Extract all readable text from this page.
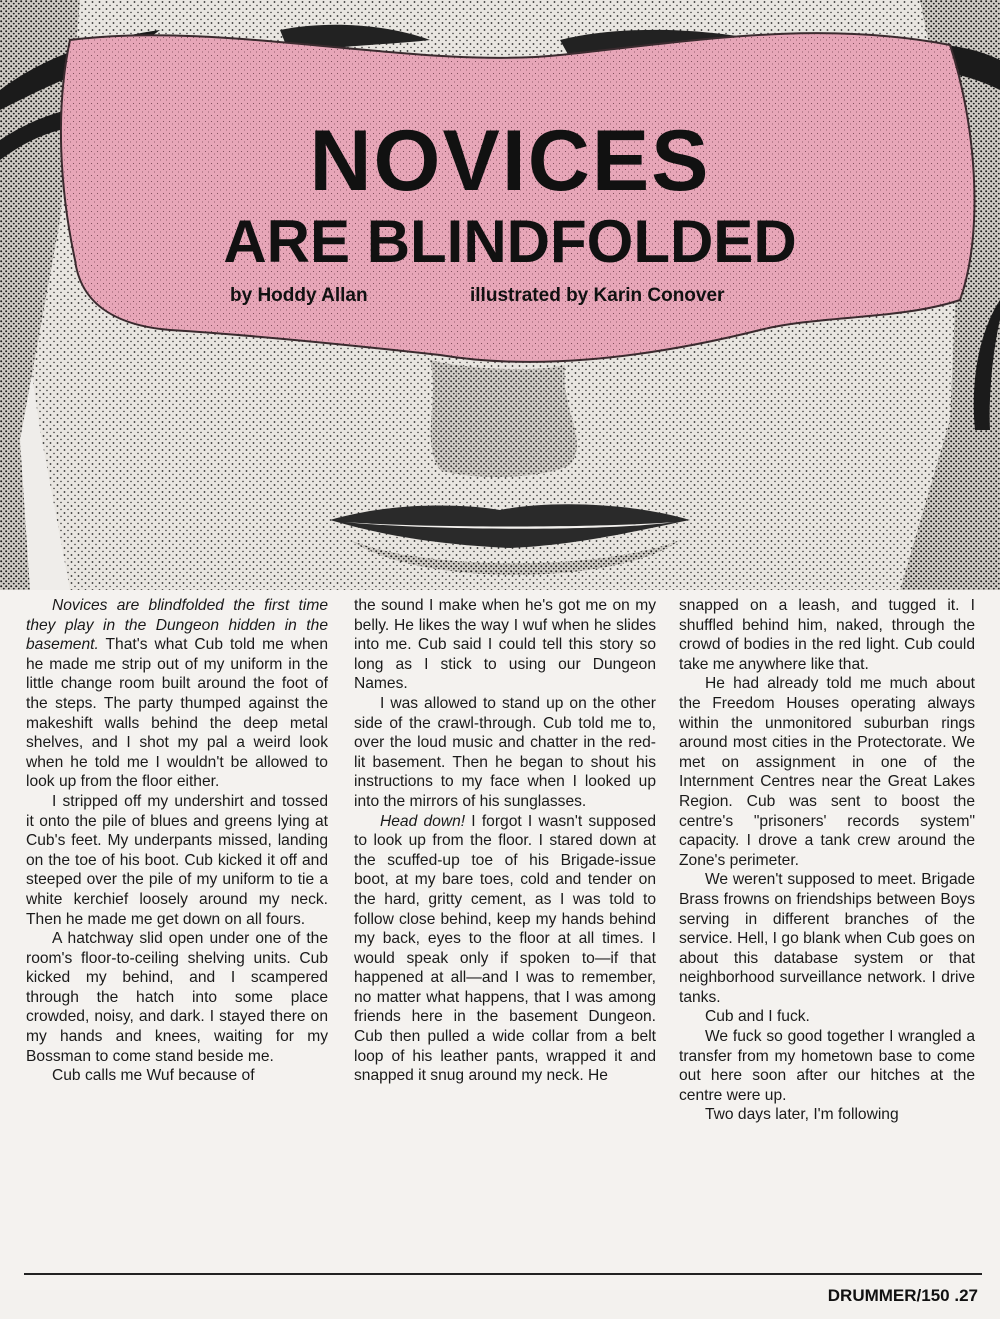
NOVICES
ARE BLINDFOLDED
by Hoddy Allan	illustrated by Karin Conover

Novices are blindfolded the first time they play in the Dungeon hidden in the basement. That's what Cub told me when he made me strip out of my uniform in the little change room built around the foot of the steps. The party thumped against the makeshift walls behind the deep metal shelves, and I shot my pal a weird look when he told me I wouldn't be allowed to look up from the floor either.

I stripped off my undershirt and tossed it onto the pile of blues and greens lying at Cub's feet. My underpants missed, landing on the toe of his boot. Cub kicked it off and steeped over the pile of my uniform to tie a white kerchief loosely around my neck. Then he made me get down on all fours.

A hatchway slid open under one of the room's floor-to-ceiling shelving units. Cub kicked my behind, and I scampered through the hatch into some place crowded, noisy, and dark. I stayed there on my hands and knees, waiting for my Bossman to come stand beside me.

Cub calls me Wuf because of

the sound I make when he's got me on my belly. He likes the way I wuf when he slides into me. Cub said I could tell this story so long as I stick to using our Dungeon Names.

I was allowed to stand up on the other side of the crawl-through. Cub told me to, over the loud music and chatter in the red-lit basement. Then he began to shout his instructions to my face when I looked up into the mirrors of his sunglasses.

Head down! I forgot I wasn't supposed to look up from the floor. I stared down at the scuffed-up toe of his Brigade-issue boot, at my bare toes, cold and tender on the hard, gritty cement, as I was told to follow close behind, keep my hands behind my back, eyes to the floor at all times. I would speak only if spoken to—if that happened at all—and I was to remember, no matter what happens, that I was among friends here in the basement Dungeon. Cub then pulled a wide collar from a belt loop of his leather pants, wrapped it and snapped it snug around my neck. He

snapped on a leash, and tugged it. I shuffled behind him, naked, through the crowd of bodies in the red light. Cub could take me anywhere like that.

He had already told me much about the Freedom Houses operating always within the unmonitored suburban rings around most cities in the Protectorate. We met on assignment in one of the Internment Centres near the Great Lakes Region. Cub was sent to boost the centre's "prisoners' records system" capacity. I drove a tank crew around the Zone's perimeter.

We weren't supposed to meet. Brigade Brass frowns on friendships between Boys serving in different branches of the service. Hell, I go blank when Cub goes on about this database system or that neighborhood surveillance network. I drive tanks.

Cub and I fuck.

We fuck so good together I wrangled a transfer from my hometown base to come out here soon after our hitches at the centre were up.

Two days later, I'm following

DRUMMER/150 .27
